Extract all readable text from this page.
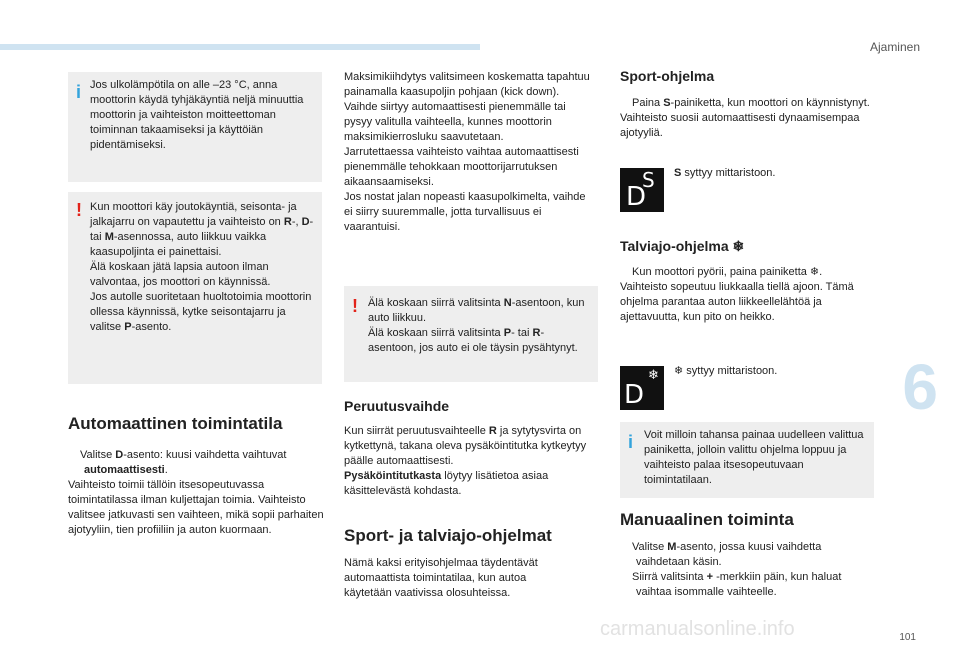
Ajaminen
6
101
carmanualsonline.info
i Jos ulkolämpötila on alle –23 °C, anna moottorin käydä tyhjäkäyntiä neljä minuuttia moottorin ja vaihteiston moitteettoman toiminnan takaamiseksi ja käyttöiän pidentämiseksi.

! Kun moottori käy joutokäyntiä, seisonta- ja jalkajarru on vapautettu ja vaihteisto on R-, D- tai M-asennossa, auto liikkuu vaikka kaasupoljinta ei painettaisi.
Älä koskaan jätä lapsia autoon ilman valvontaa, jos moottori on käynnissä.
Jos autolle suoritetaan huoltotoimia moottorin ollessa käynnissä, kytke seisontajarru ja valitse P-asento.

Automaattinen toimintatila

Valitse D-asento: kuusi vaihdetta vaihtuvat automaattisesti.

Vaihteisto toimii tällöin itsesopeutuvassa toimintatilassa ilman kuljettajan toimia. Vaihteisto valitsee jatkuvasti sen vaihteen, mikä sopii parhaiten ajotyyliin, tien profiiliin ja auton kuormaan.

Maksimikiihdytys valitsimeen koskematta tapahtuu painamalla kaasupoljin pohjaan (kick down). Vaihde siirtyy automaattisesti pienemmälle tai pysyy valitulla vaihteella, kunnes moottorin maksimikierrosluku saavutetaan.

Jarrutettaessa vaihteisto vaihtaa automaattisesti pienemmälle tehokkaan moottorijarrutuksen aikaansaamiseksi.

Jos nostat jalan nopeasti kaasupolkimelta, vaihde ei siirry suuremmalle, jotta turvallisuus ei vaarantuisi.

! Älä koskaan siirrä valitsinta N-asentoon, kun auto liikkuu.
Älä koskaan siirrä valitsinta P- tai R-asentoon, jos auto ei ole täysin pysähtynyt.

Peruutusvaihde

Kun siirrät peruutusvaihteelle R ja sytytysvirta on kytkettynä, takana oleva pysäköintitutka kytkeytyy päälle automaattisesti.

Pysäköintitutkasta löytyy lisätietoa asiaa käsittelevästä kohdasta.

Sport- ja talviajo-ohjelmat

Nämä kaksi erityisohjelmaa täydentävät automaattista toimintatilaa, kun autoa käytetään vaativissa olosuhteissa.

Sport-ohjelma

Paina S-painiketta, kun moottori on käynnistynyt.

Vaihteisto suosii automaattisesti dynaamisempaa ajotyyliä.

S
D

S syttyy mittaristoon.

Talviajo-ohjelma ❄

Kun moottori pyörii, paina painiketta ❄.

Vaihteisto sopeutuu liukkaalla tiellä ajoon. Tämä ohjelma parantaa auton liikkeellelähtöä ja ajettavuutta, kun pito on heikko.

D
❄ ❄ syttyy mittaristoon.

i Voit milloin tahansa painaa uudelleen valittua painiketta, jolloin valittu ohjelma loppuu ja vaihteisto palaa itsesopeutuvaan toimintatilaan.

Manuaalinen toiminta

Valitse M-asento, jossa kuusi vaihdetta vaihdetaan käsin.

Siirrä valitsinta + -merkkiin päin, kun haluat vaihtaa isommalle vaihteelle.
